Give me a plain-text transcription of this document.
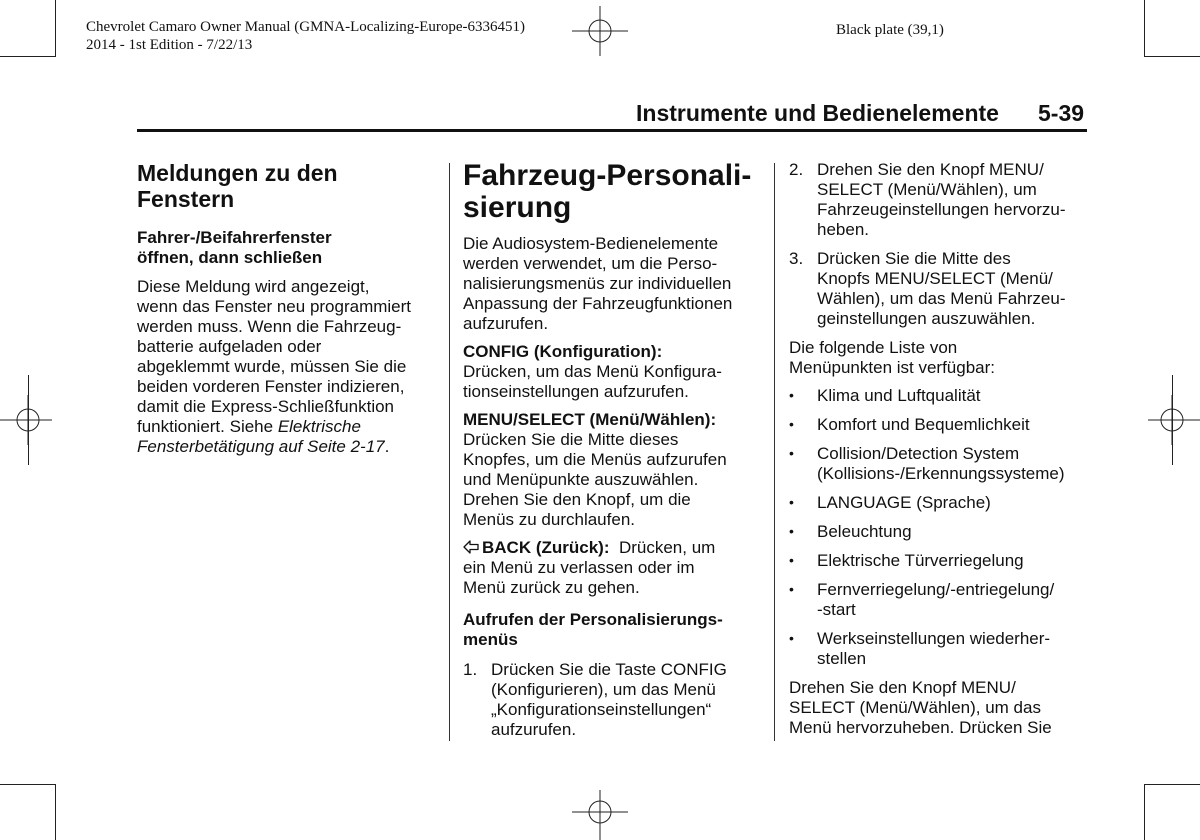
Chevrolet Camaro Owner Manual (GMNA-Localizing-Europe-6336451)
2014 - 1st Edition - 7/22/13
Black plate (39,1)
Instrumente und Bedienelemente 5-39
Meldungen zu den
Fenstern
Fahrer-/Beifahrerfenster
öffnen, dann schließen

Diese Meldung wird angezeigt,
wenn das Fenster neu programmiert
werden muss. Wenn die Fahrzeug-
batterie aufgeladen oder
abgeklemmt wurde, müssen Sie die
beiden vorderen Fenster indizieren,
damit die Express-Schließfunktion
funktioniert. Siehe Elektrische
Fensterbetätigung auf Seite 2-17.

Fahrzeug-Personali-
sierung

Die Audiosystem-Bedienelemente
werden verwendet, um die Perso-
nalisierungsmenüs zur individuellen
Anpassung der Fahrzeugfunktionen
aufzurufen.

CONFIG (Konfiguration):
Drücken, um das Menü Konfigura-
tionseinstellungen aufzurufen.

MENU/SELECT (Menü/Wählen):
Drücken Sie die Mitte dieses
Knopfes, um die Menüs aufzurufen
und Menüpunkte auszuwählen.
Drehen Sie den Knopf, um die
Menüs zu durchlaufen.

BACK (Zurück): Drücken, um
ein Menü zu verlassen oder im
Menü zurück zu gehen.

Aufrufen der Personalisierungs-
menüs
1. Drücken Sie die Taste CONFIG
(Konfigurieren), um das Menü
„Konfigurationseinstellungen“
aufzurufen.
2. Drehen Sie den Knopf MENU/
SELECT (Menü/Wählen), um
Fahrzeugeinstellungen hervorzu-
heben.
3. Drücken Sie die Mitte des
Knopfs MENU/SELECT (Menü/
Wählen), um das Menü Fahrzeu-
geinstellungen auszuwählen.

Die folgende Liste von
Menüpunkten ist verfügbar:

• Klima und Luftqualität
• Komfort und Bequemlichkeit
• Collision/Detection System
(Kollisions-/Erkennungssysteme)
• LANGUAGE (Sprache)
• Beleuchtung
• Elektrische Türverriegelung
• Fernverriegelung/-entriegelung/
-start
• Werkseinstellungen wiederher-
stellen

Drehen Sie den Knopf MENU/
SELECT (Menü/Wählen), um das
Menü hervorzuheben. Drücken Sie
